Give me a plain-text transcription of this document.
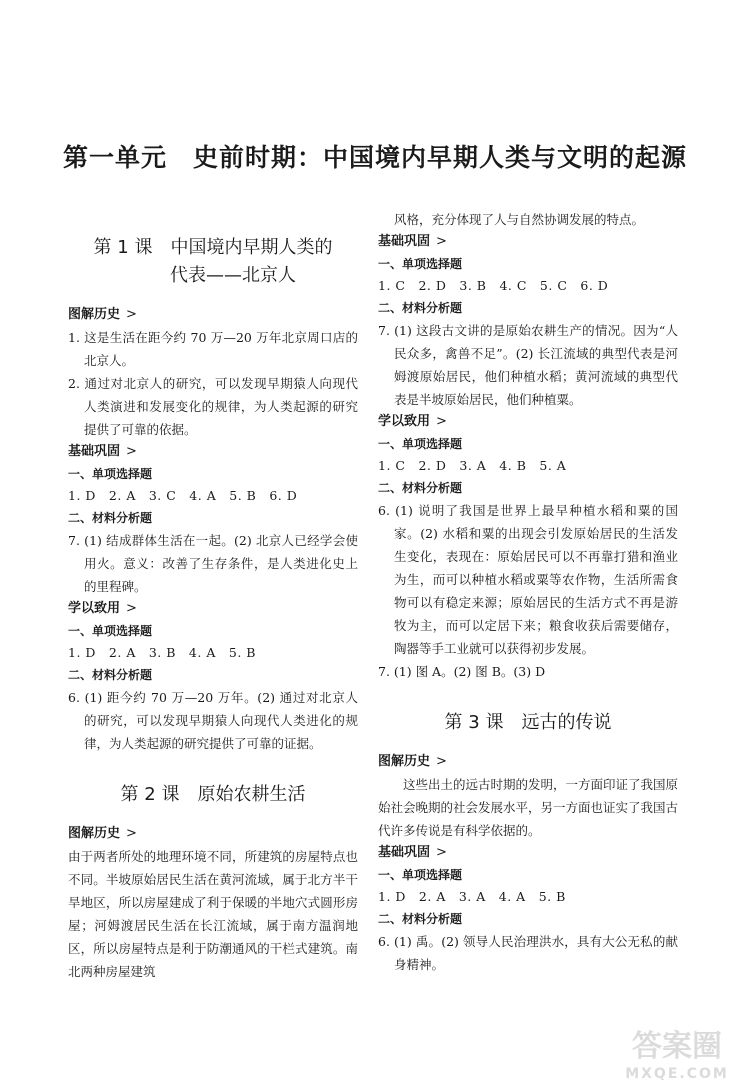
第一单元　史前时期：中国境内早期人类与文明的起源
第 1 课　中国境内早期人类的
代表——北京人
图解历史 >
1. 这是生活在距今约 70 万—20 万年北京周口店的北京人。
2. 通过对北京人的研究，可以发现早期猿人向现代人类演进和发展变化的规律，为人类起源的研究提供了可靠的依据。
基础巩固 >
一、单项选择题
1. D　2. A　3. C　4. A　5. B　6. D
二、材料分析题
7. (1) 结成群体生活在一起。(2) 北京人已经学会使用火。意义：改善了生存条件，是人类进化史上的里程碑。
学以致用 >
一、单项选择题
1. D　2. A　3. B　4. A　5. B
二、材料分析题
6. (1) 距今约 70 万—20 万年。(2) 通过对北京人的研究，可以发现早期猿人向现代人类进化的规律，为人类起源的研究提供了可靠的证据。
第 2 课　原始农耕生活
图解历史 >
由于两者所处的地理环境不同，所建筑的房屋特点也不同。半坡原始居民生活在黄河流域，属于北方半干旱地区，所以房屋建成了利于保暖的半地穴式圆形房屋；河姆渡居民生活在长江流域，属于南方温润地区，所以房屋特点是利于防潮通风的干栏式建筑。南北两种房屋建筑
风格，充分体现了人与自然协调发展的特点。
基础巩固 >
一、单项选择题
1. C　2. D　3. B　4. C　5. C　6. D
二、材料分析题
7. (1) 这段古文讲的是原始农耕生产的情况。因为“人民众多，禽兽不足”。(2) 长江流域的典型代表是河姆渡原始居民，他们种植水稻；黄河流域的典型代表是半坡原始居民，他们种植粟。
学以致用 >
一、单项选择题
1. C　2. D　3. A　4. B　5. A
二、材料分析题
6. (1) 说明了我国是世界上最早种植水稻和粟的国家。(2) 水稻和粟的出现会引发原始居民的生活发生变化，表现在：原始居民可以不再靠打猎和渔业为生，而可以种植水稻或粟等农作物，生活所需食物可以有稳定来源；原始居民的生活方式不再是游牧为主，而可以定居下来；粮食收获后需要储存，陶器等手工业就可以获得初步发展。
7. (1) 图 A。(2) 图 B。(3) D
第 3 课　远古的传说
图解历史 >
这些出土的远古时期的发明，一方面印证了我国原始社会晚期的社会发展水平，另一方面也证实了我国古代许多传说是有科学依据的。
基础巩固 >
一、单项选择题
1. D　2. A　3. A　4. A　5. B
二、材料分析题
6. (1) 禹。(2) 领导人民治理洪水，具有大公无私的献身精神。
答案圈
MXQE.COM
